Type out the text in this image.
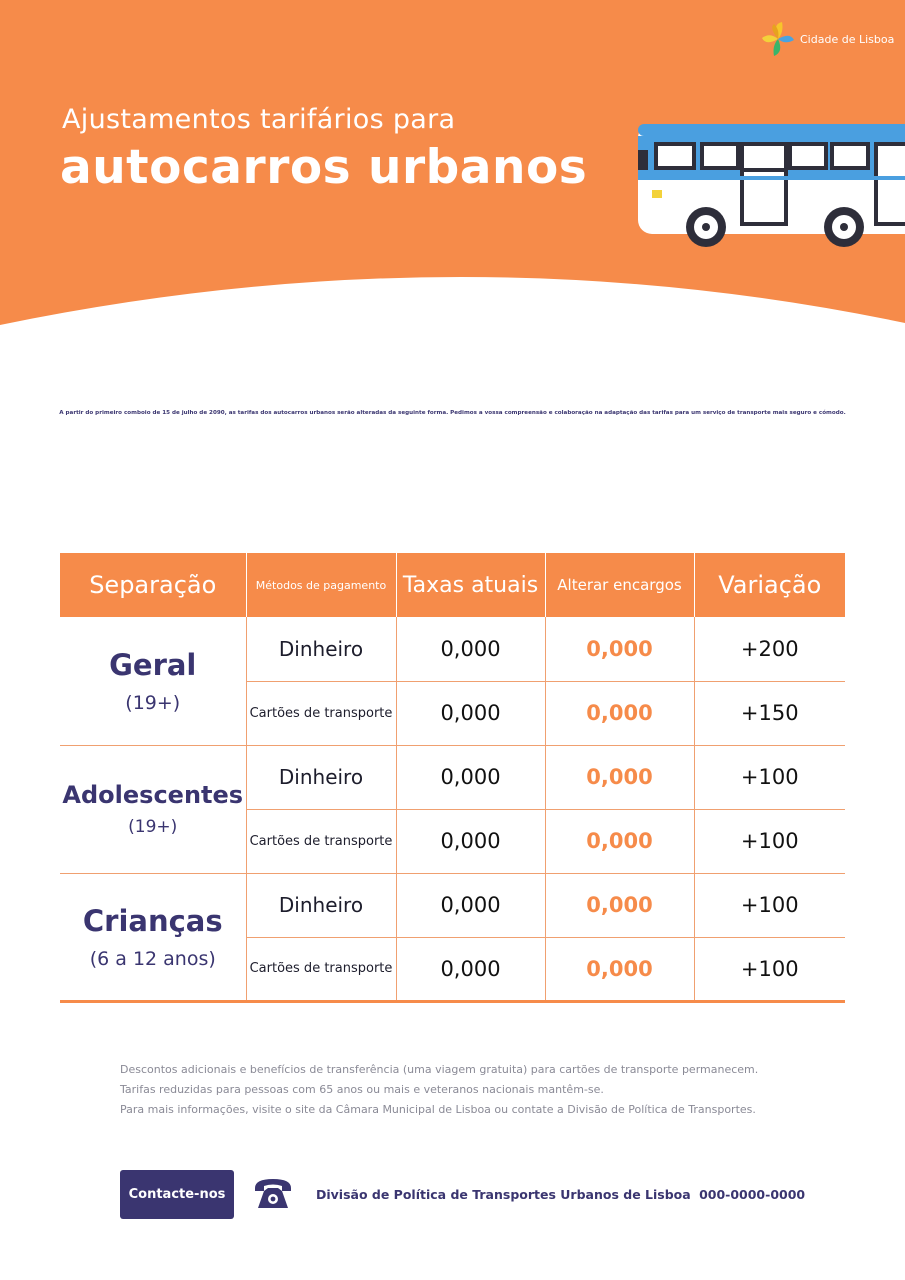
Cidade de Lisboa
Ajustamentos tarifários para
autocarros urbanos

A partir do primeiro comboio de 15 de julho de 2090, as tarifas dos autocarros urbanos serão alteradas da seguinte forma. Pedimos a vossa compreensão e colaboração na adaptação das tarifas para um serviço de transporte mais seguro e cómodo.

Separação	Métodos de pagamento	Taxas atuais	Alterar encargos	Variação

Geral
(19+)	Dinheiro	0,000	0,000	+200
	Cartões de transporte	0,000	0,000	+150

Adolescentes
(19+)	Dinheiro	0,000	0,000	+100
	Cartões de transporte	0,000	0,000	+100

Crianças
(6 a 12 anos)	Dinheiro	0,000	0,000	+100
	Cartões de transporte	0,000	0,000	+100
Descontos adicionais e benefícios de transferência (uma viagem gratuita) para cartões de transporte permanecem.
Tarifas reduzidas para pessoas com 65 anos ou mais e veteranos nacionais mantêm-se.
Para mais informações, visite o site da Câmara Municipal de Lisboa ou contate a Divisão de Política de Transportes.
Contacte-nos	Divisão de Política de Transportes Urbanos de Lisboa 000-0000-0000
